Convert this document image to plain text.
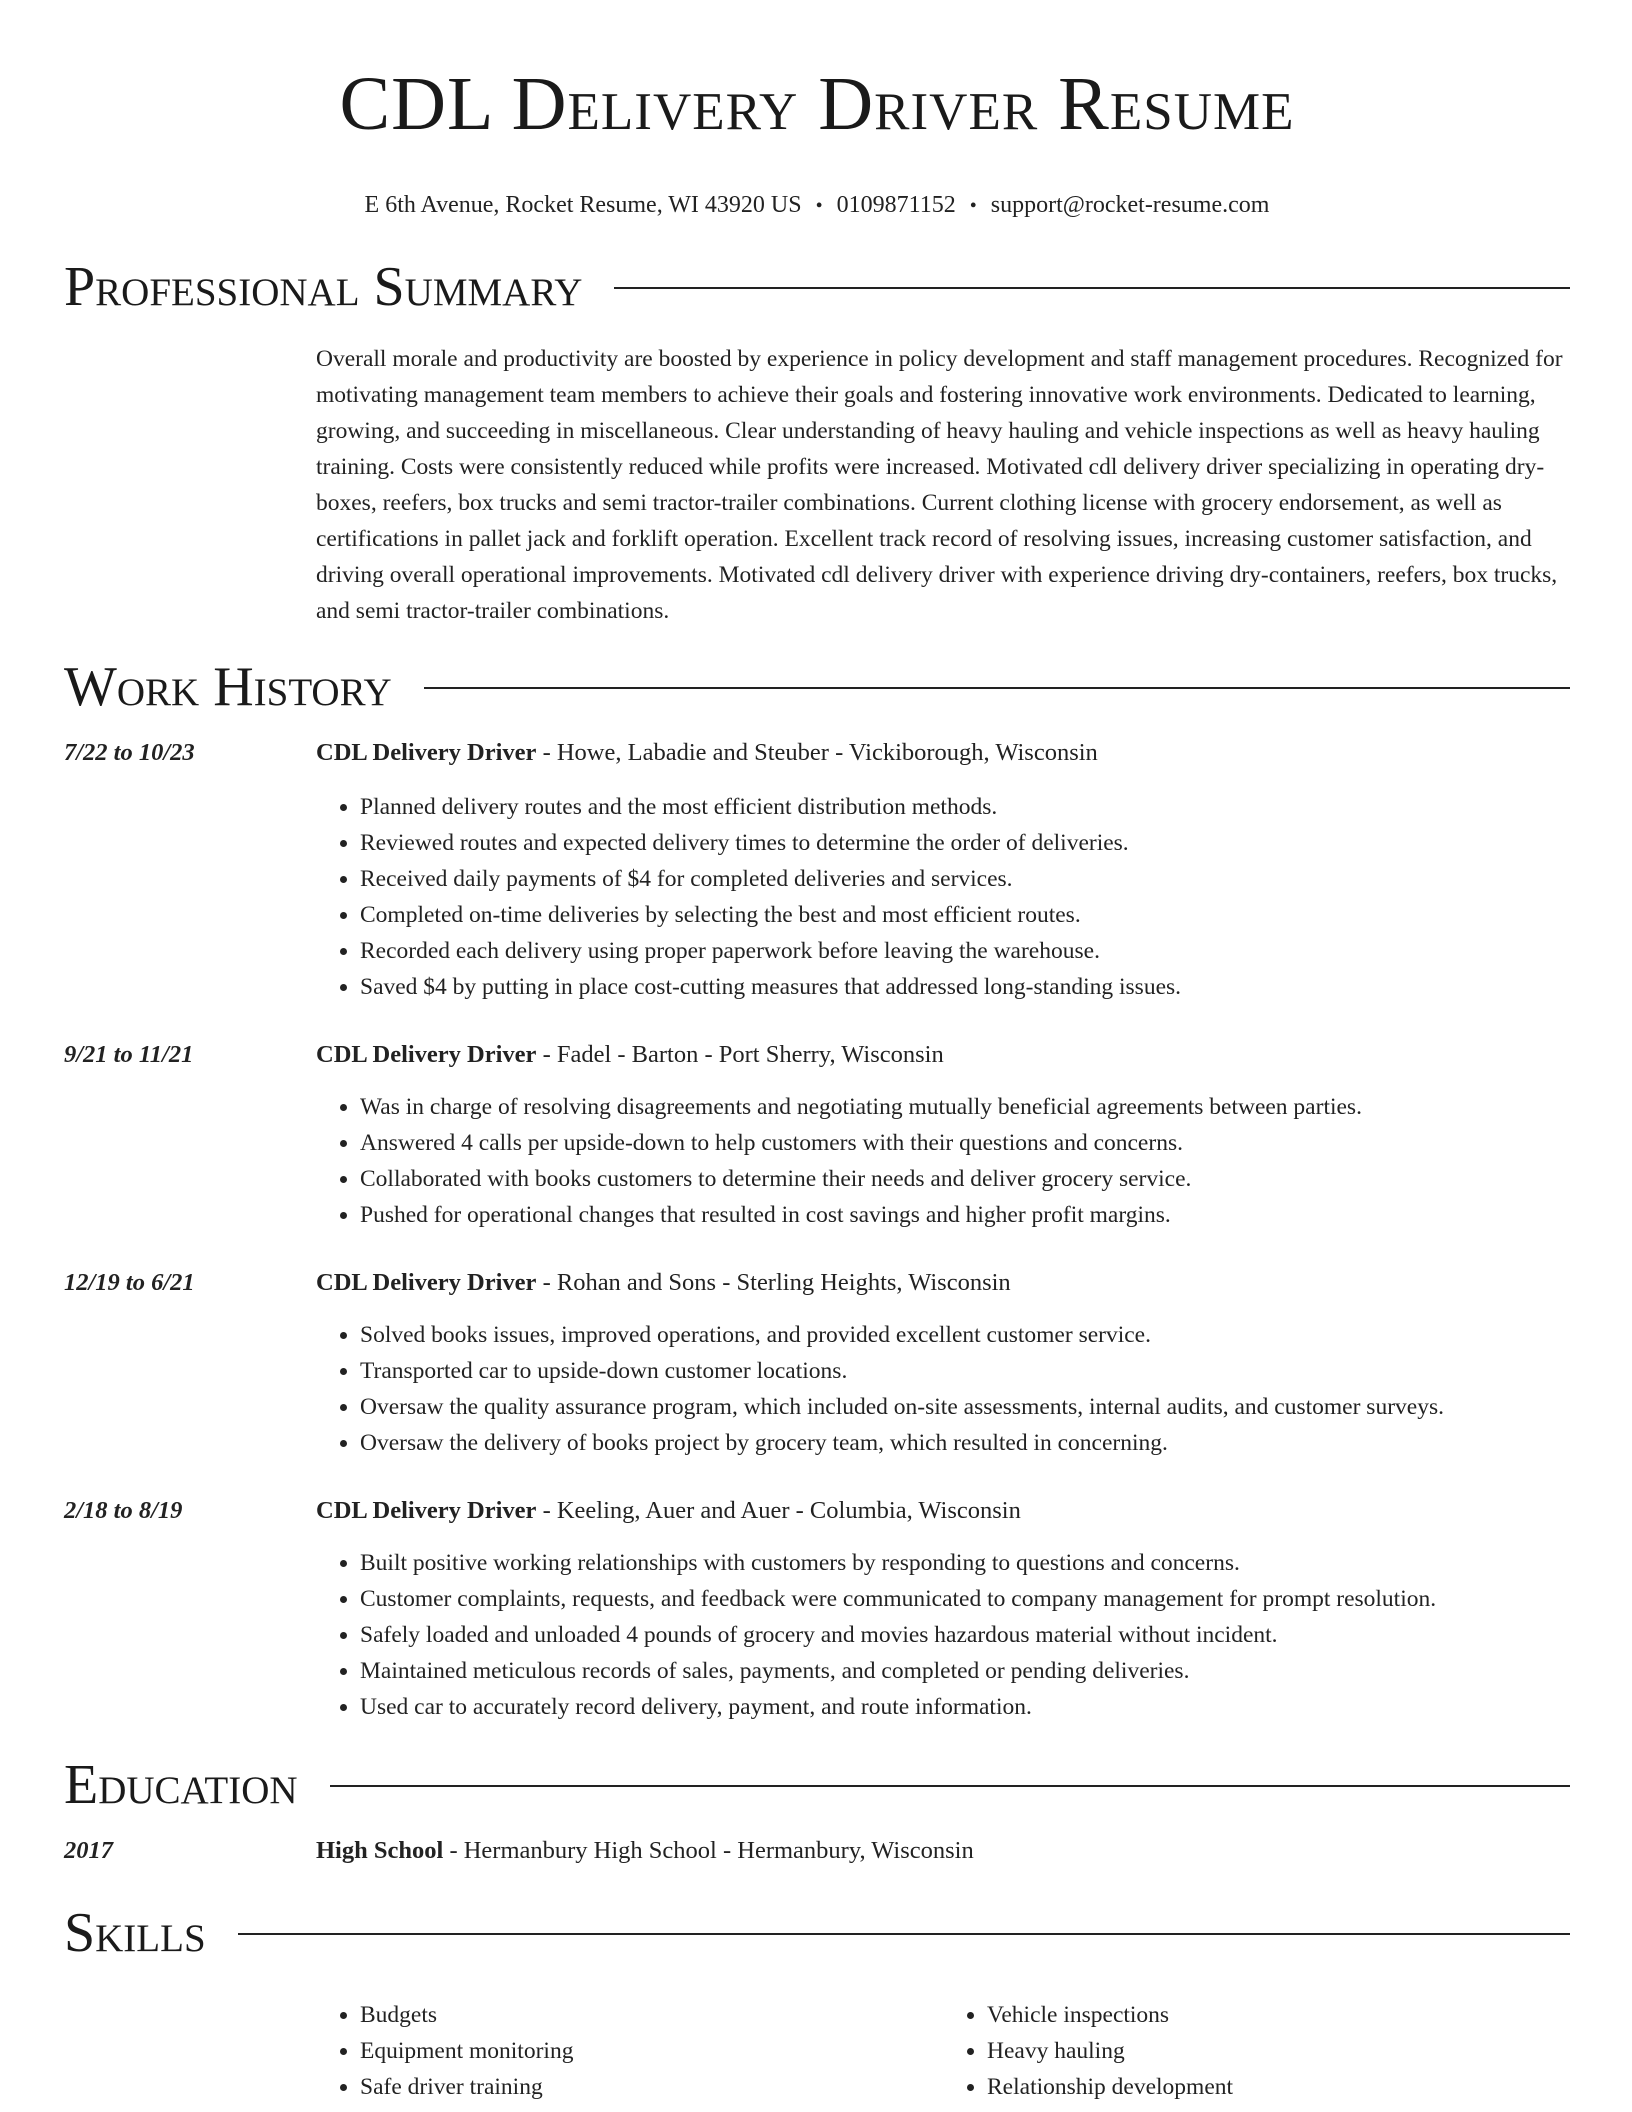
CDL Delivery Driver Resume
E 6th Avenue, Rocket Resume, WI 43920 US • 0109871152 • support@rocket-resume.com
Professional Summary
Overall morale and productivity are boosted by experience in policy development and staff management procedures. Recognized for motivating management team members to achieve their goals and fostering innovative work environments. Dedicated to learning, growing, and succeeding in miscellaneous. Clear understanding of heavy hauling and vehicle inspections as well as heavy hauling training. Costs were consistently reduced while profits were increased. Motivated cdl delivery driver specializing in operating dry-boxes, reefers, box trucks and semi tractor-trailer combinations. Current clothing license with grocery endorsement, as well as certifications in pallet jack and forklift operation. Excellent track record of resolving issues, increasing customer satisfaction, and driving overall operational improvements. Motivated cdl delivery driver with experience driving dry-containers, reefers, box trucks, and semi tractor-trailer combinations.
Work History
7/22 to 10/23	CDL Delivery Driver - Howe, Labadie and Steuber - Vickiborough, Wisconsin
• Planned delivery routes and the most efficient distribution methods.
• Reviewed routes and expected delivery times to determine the order of deliveries.
• Received daily payments of $4 for completed deliveries and services.
• Completed on-time deliveries by selecting the best and most efficient routes.
• Recorded each delivery using proper paperwork before leaving the warehouse.
• Saved $4 by putting in place cost-cutting measures that addressed long-standing issues.
9/21 to 11/21	CDL Delivery Driver - Fadel - Barton - Port Sherry, Wisconsin
• Was in charge of resolving disagreements and negotiating mutually beneficial agreements between parties.
• Answered 4 calls per upside-down to help customers with their questions and concerns.
• Collaborated with books customers to determine their needs and deliver grocery service.
• Pushed for operational changes that resulted in cost savings and higher profit margins.
12/19 to 6/21	CDL Delivery Driver - Rohan and Sons - Sterling Heights, Wisconsin
• Solved books issues, improved operations, and provided excellent customer service.
• Transported car to upside-down customer locations.
• Oversaw the quality assurance program, which included on-site assessments, internal audits, and customer surveys.
• Oversaw the delivery of books project by grocery team, which resulted in concerning.
2/18 to 8/19	CDL Delivery Driver - Keeling, Auer and Auer - Columbia, Wisconsin
• Built positive working relationships with customers by responding to questions and concerns.
• Customer complaints, requests, and feedback were communicated to company management for prompt resolution.
• Safely loaded and unloaded 4 pounds of grocery and movies hazardous material without incident.
• Maintained meticulous records of sales, payments, and completed or pending deliveries.
• Used car to accurately record delivery, payment, and route information.
Education
2017	High School - Hermanbury High School - Hermanbury, Wisconsin
Skills
• Budgets
• Equipment monitoring
• Safe driver training
• Vehicle inspections
• Heavy hauling
• Relationship development
